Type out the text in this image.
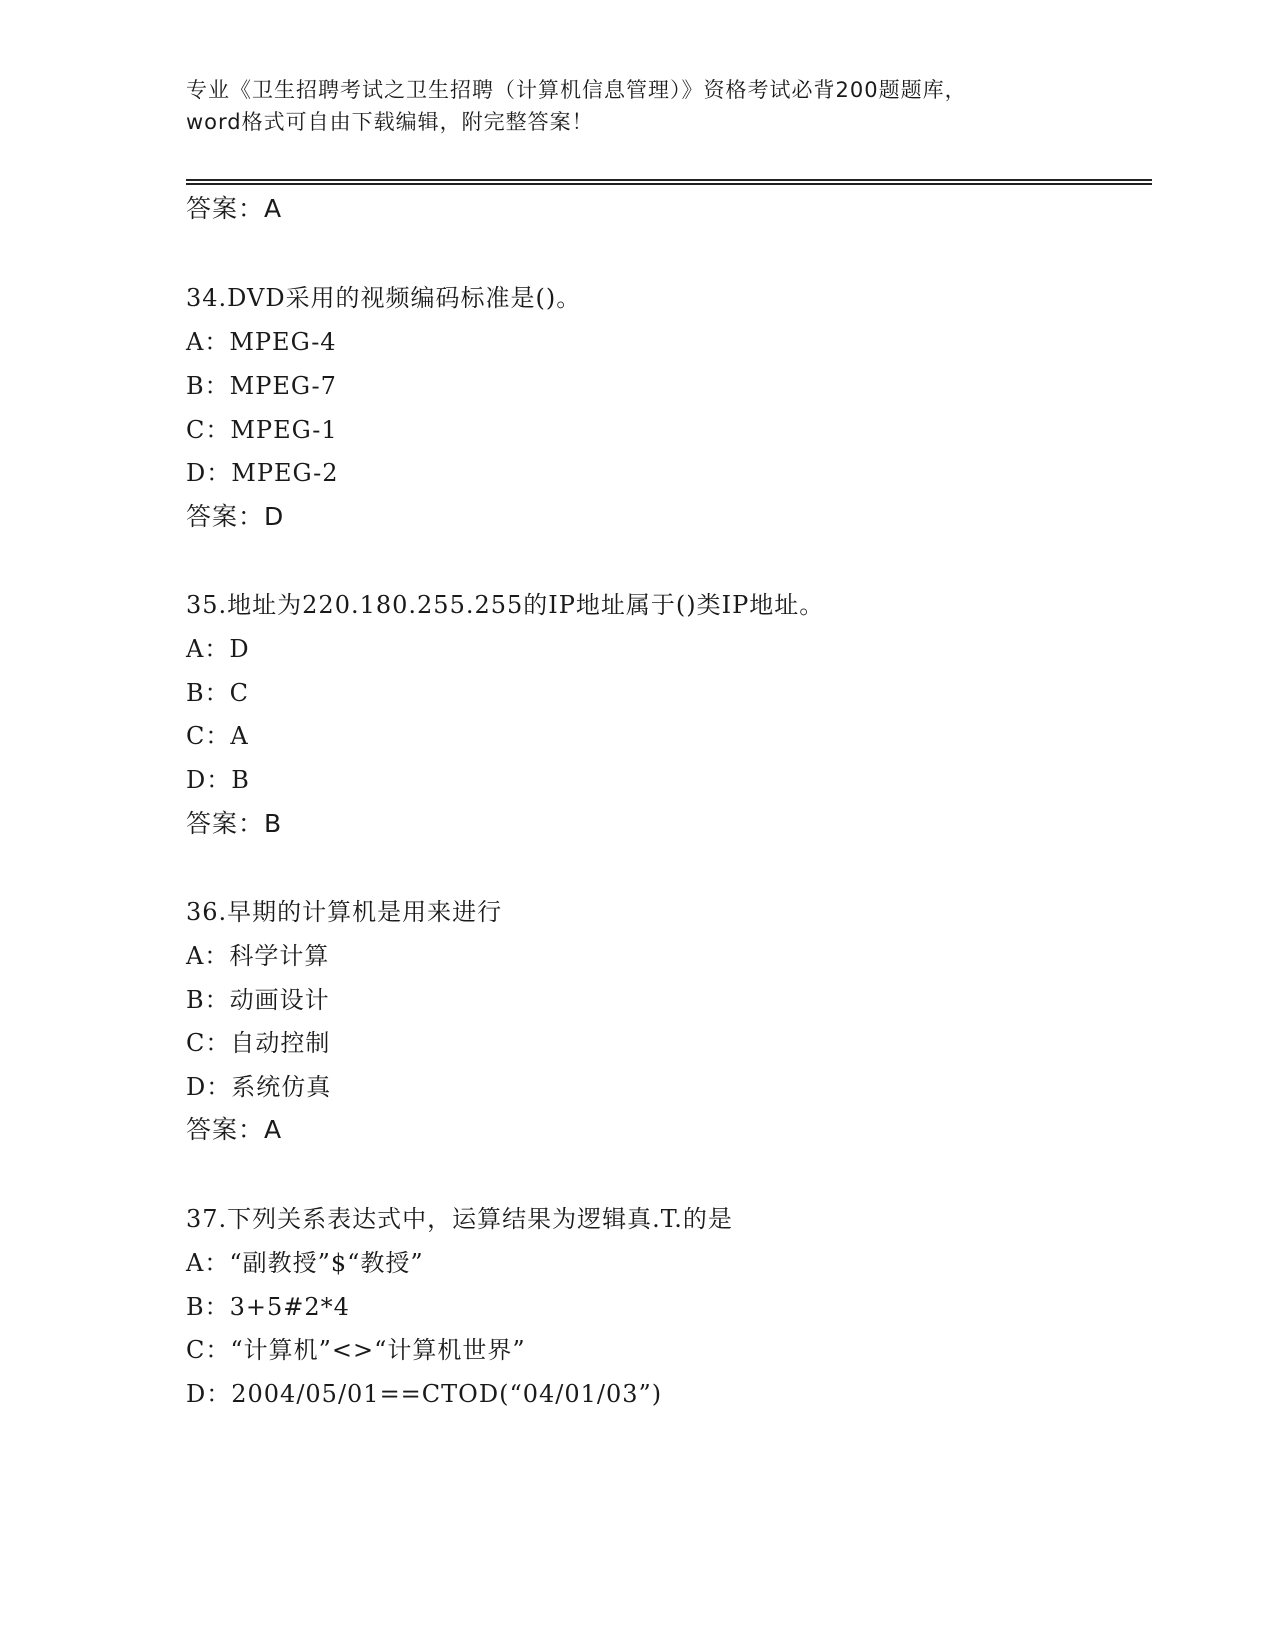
专业《卫生招聘考试之卫生招聘（计算机信息管理）》资格考试必背200题题库，
word格式可自由下载编辑，附完整答案！
答案：A
34.DVD采用的视频编码标准是()。
A：MPEG-4
B：MPEG-7
C：MPEG-1
D：MPEG-2
答案：D
35.地址为220.180.255.255的IP地址属于()类IP地址。
A：D
B：C
C：A
D：B
答案：B
36.早期的计算机是用来进行
A：科学计算
B：动画设计
C：自动控制
D：系统仿真
答案：A
37.下列关系表达式中，运算结果为逻辑真.T.的是
A：“副教授”$“教授”
B：3+5#2*4
C：“计算机”<>“计算机世界”
D：2004/05/01==CTOD(“04/01/03”)
